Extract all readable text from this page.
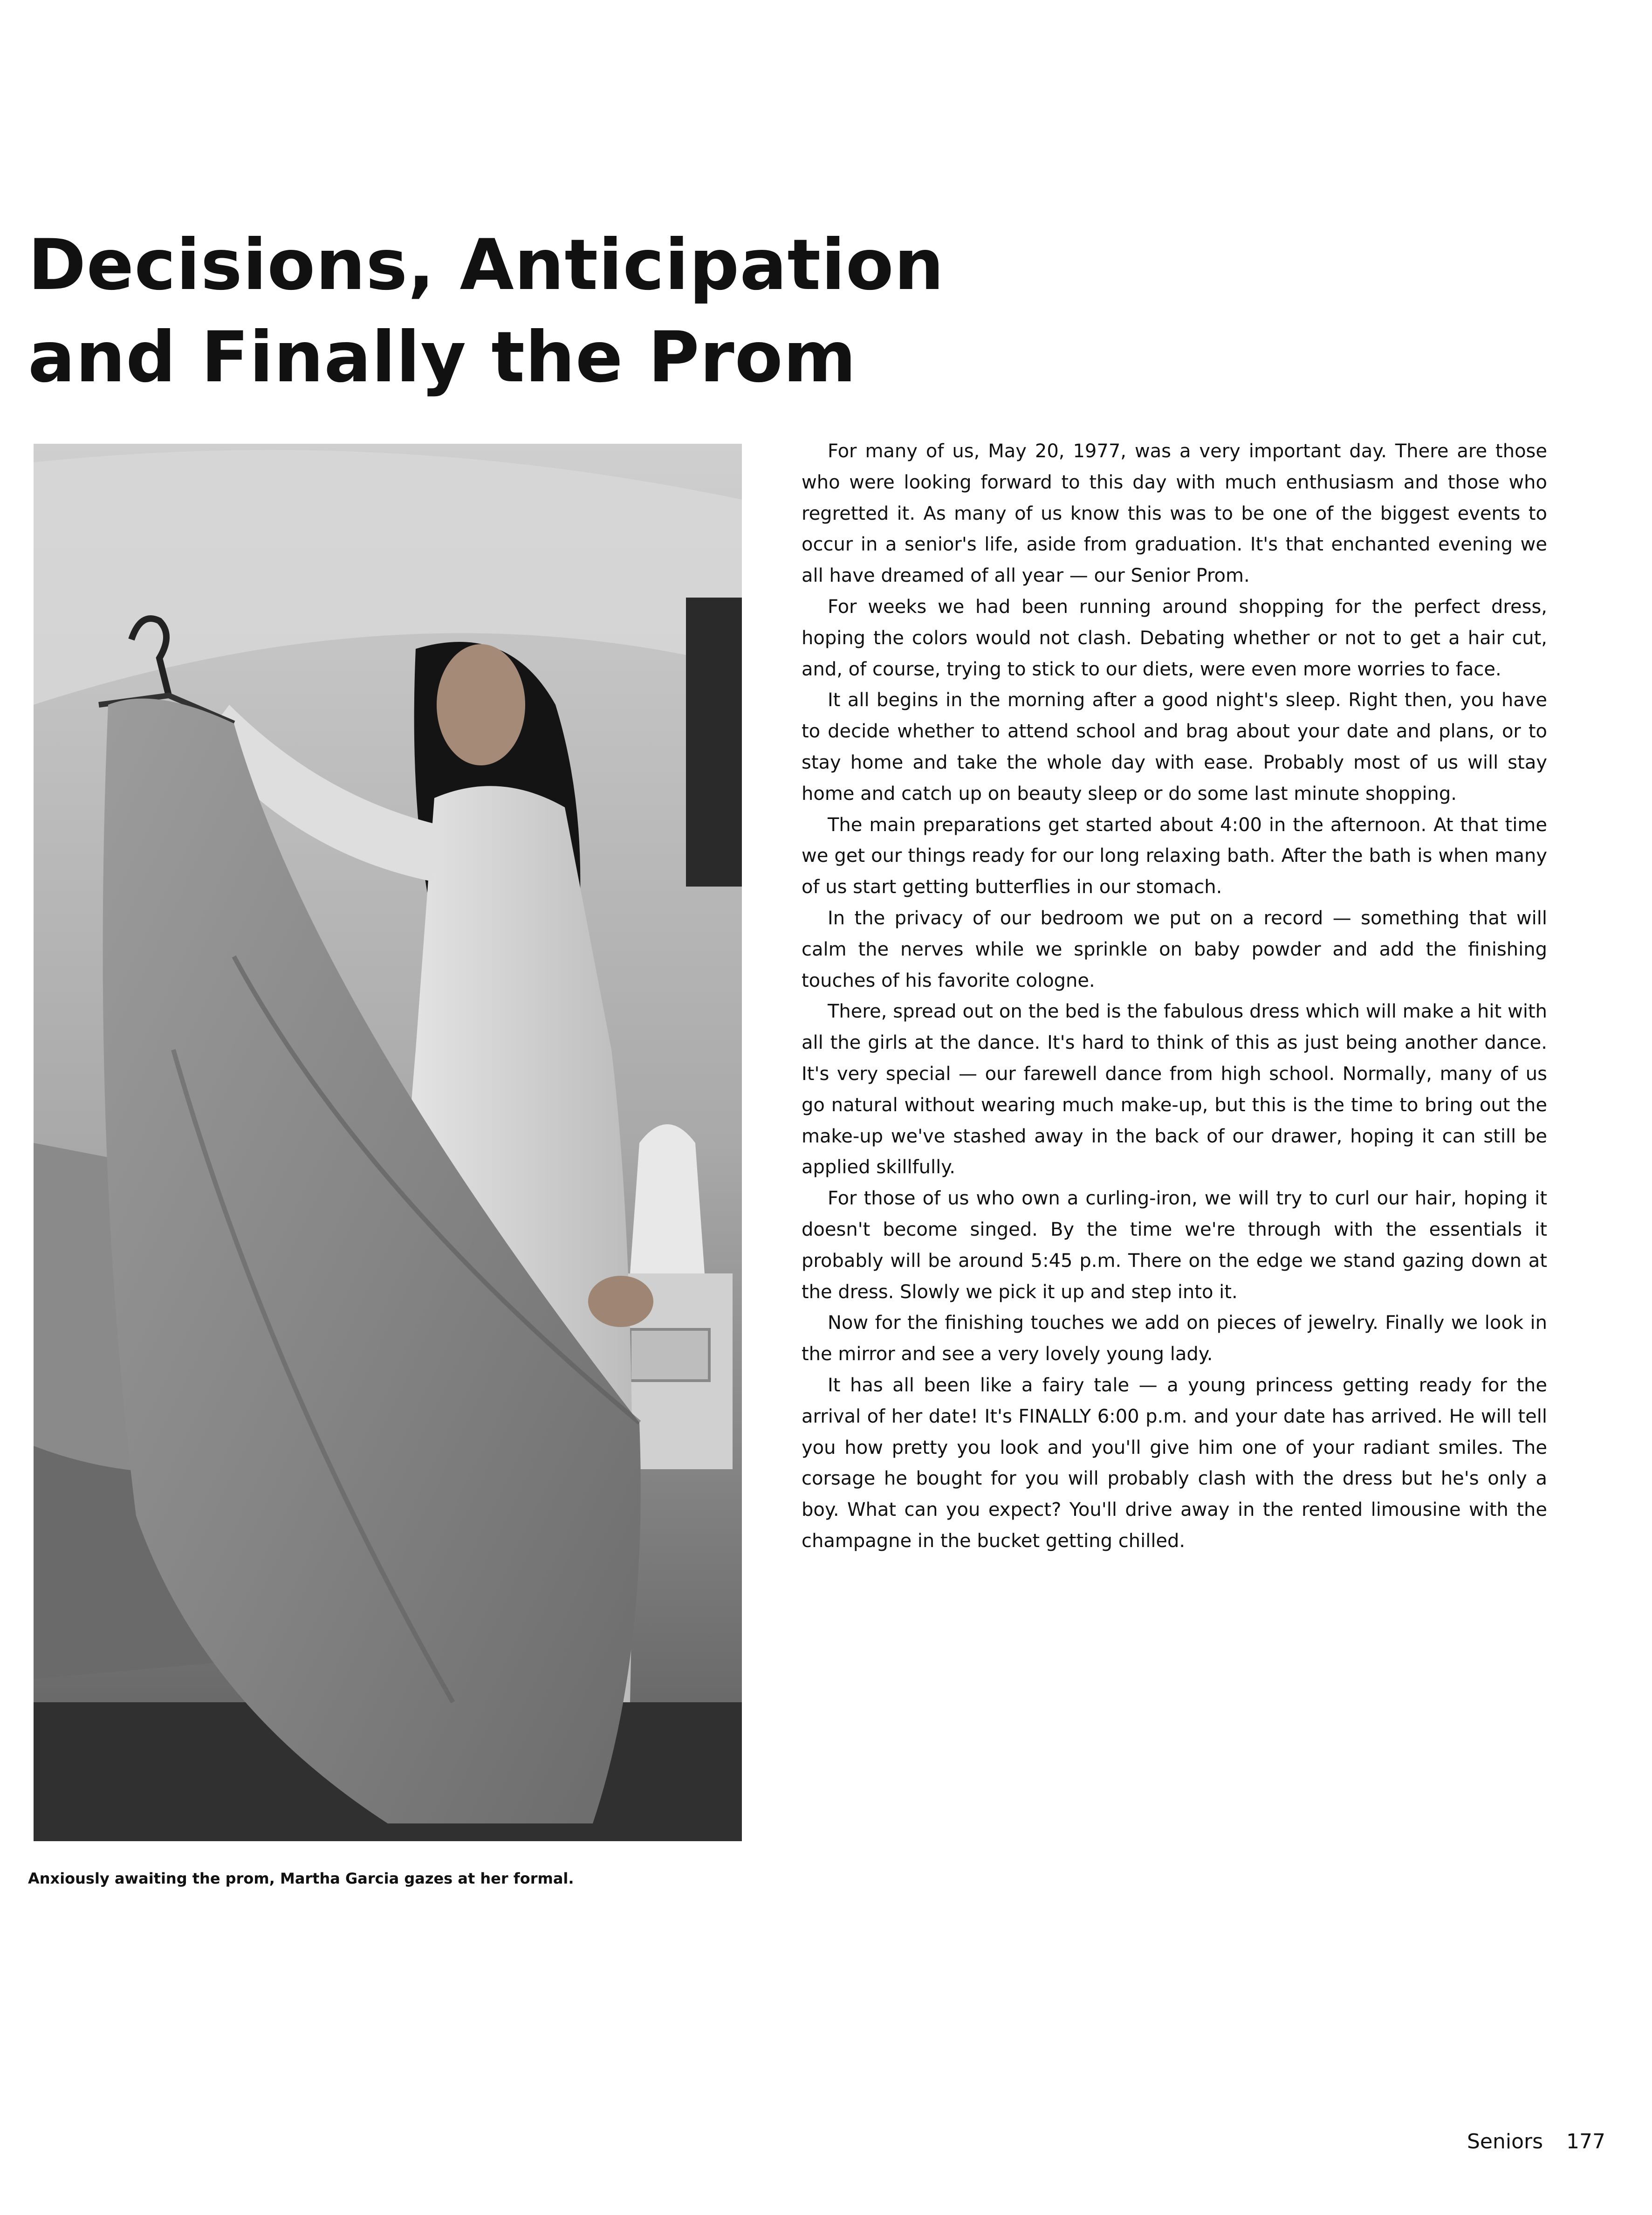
Decisions, Anticipation
and Finally the Prom

Anxiously awaiting the prom, Martha Garcia gazes at her formal.

For many of us, May 20, 1977, was a very important day. There are those who were looking forward to this day with much enthusiasm and those who regretted it. As many of us know this was to be one of the biggest events to occur in a senior's life, aside from graduation. It's that enchanted evening we all have dreamed of all year — our Senior Prom.

For weeks we had been running around shopping for the perfect dress, hoping the colors would not clash. Debating whether or not to get a hair cut, and, of course, trying to stick to our diets, were even more worries to face.

It all begins in the morning after a good night's sleep. Right then, you have to decide whether to attend school and brag about your date and plans, or to stay home and take the whole day with ease. Probably most of us will stay home and catch up on beauty sleep or do some last minute shopping.

The main preparations get started about 4:00 in the afternoon. At that time we get our things ready for our long relaxing bath. After the bath is when many of us start getting butterflies in our stomach.

In the privacy of our bedroom we put on a record — something that will calm the nerves while we sprinkle on baby powder and add the finishing touches of his favorite cologne.

There, spread out on the bed is the fabulous dress which will make a hit with all the girls at the dance. It's hard to think of this as just being another dance. It's very special — our farewell dance from high school. Normally, many of us go natural without wearing much make-up, but this is the time to bring out the make-up we've stashed away in the back of our drawer, hoping it can still be applied skillfully.

For those of us who own a curling-iron, we will try to curl our hair, hoping it doesn't become singed. By the time we're through with the essentials it probably will be around 5:45 p.m. There on the edge we stand gazing down at the dress. Slowly we pick it up and step into it.

Now for the finishing touches we add on pieces of jewelry. Finally we look in the mirror and see a very lovely young lady.

It has all been like a fairy tale — a young princess getting ready for the arrival of her date! It's FINALLY 6:00 p.m. and your date has arrived. He will tell you how pretty you look and you'll give him one of your radiant smiles. The corsage he bought for you will probably clash with the dress but he's only a boy. What can you expect? You'll drive away in the rented limousine with the champagne in the bucket getting chilled.

Seniors 177
